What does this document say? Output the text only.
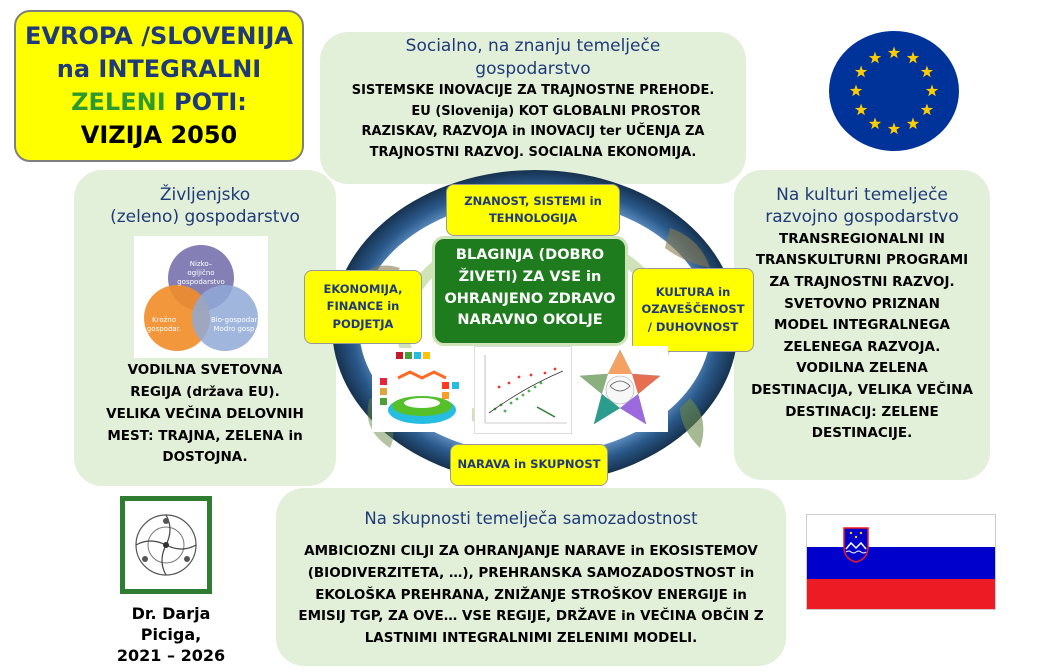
EVROPA /SLOVENIJA
na INTEGRALNI
ZELENI POTI:
VIZIJA 2050
Socialno, na znanju temelječe
gospodarstvo
SISTEMSKE INOVACIJE ZA TRAJNOSTNE PREHODE.
EU (Slovenija) KOT GLOBALNI PROSTOR
RAZISKAV, RAZVOJA in INOVACIJ ter UČENJA ZA
TRAJNOSTNI RAZVOJ. SOCIALNA EKONOMIJA.
Življenjsko
(zeleno) gospodarstvo
Nizko–
ogljično
gospodarstvo
Krožno
gospodar.
Bio-gospodar.
Modro gosp.
VODILNA SVETOVNA
REGIJA (država EU).
VELIKA VEČINA DELOVNIH
MEST: TRAJNA, ZELENA in
DOSTOJNA.
Na kulturi temelječe
razvojno gospodarstvo
TRANSREGIONALNI IN
TRANSKULTURNI PROGRAMI
ZA TRAJNOSTNI RAZVOJ.
SVETOVNO PRIZNAN
MODEL INTEGRALNEGA
ZELENEGA RAZVOJA.
VODILNA ZELENA
DESTINACIJA, VELIKA VEČINA
DESTINACIJ: ZELENE
DESTINACIJE.
ZNANOST, SISTEMI in
TEHNOLOGIJA
BLAGINJA (DOBRO
ŽIVETI) ZA VSE in
OHRANJENO ZDRAVO
NARAVNO OKOLJE
EKONOMIJA,
FINANCE in
PODJETJA
KULTURA in
OZAVEŠČENOST
/ DUHOVNOST
NARAVA in SKUPNOST
Na skupnosti temelječa samozadostnost
AMBICIOZNI CILJI ZA OHRANJANJE NARAVE in EKOSISTEMOV
(BIODIVERZITETA, …), PREHRANSKA SAMOZADOSTNOST in
EKOLOŠKA PREHRANA, ZNIŽANJE STROŠKOV ENERGIJE in
EMISIJ TGP, ZA OVE… VSE REGIJE, DRŽAVE in VEČINA OBČIN Z
LASTNIMI INTEGRALNIMI ZELENIMI MODELI.
Dr. Darja
Piciga,
2021 – 2026
